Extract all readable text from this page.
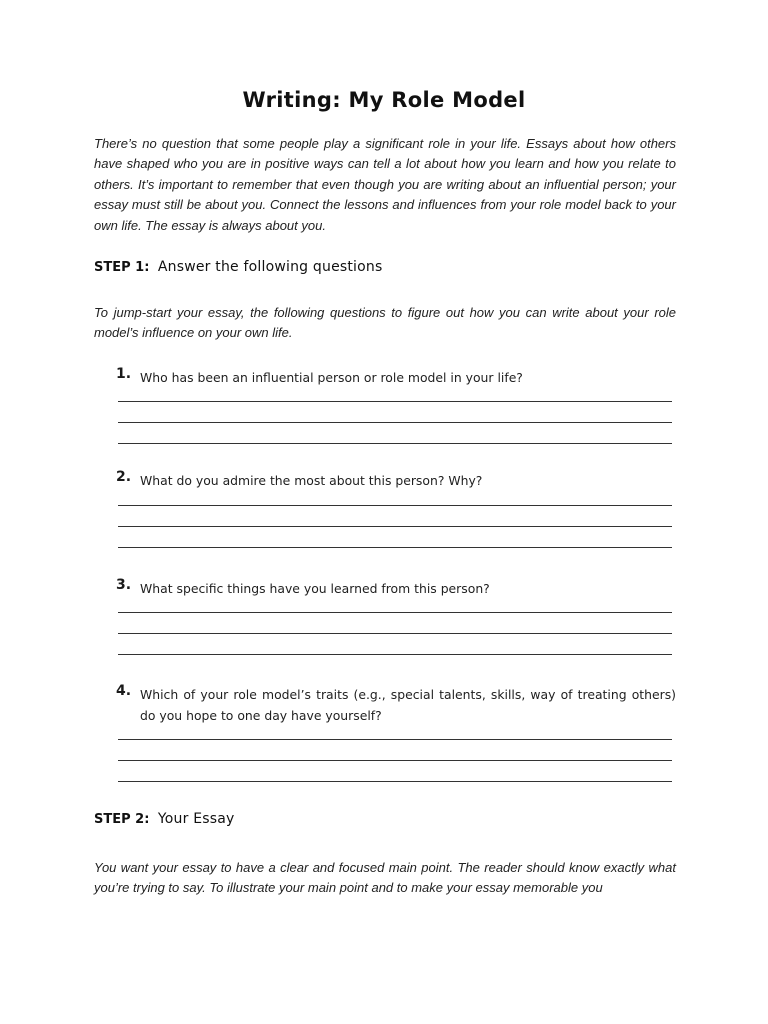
Writing: My Role Model

There’s no question that some people play a significant role in your life. Essays about how others have shaped who you are in positive ways can tell a lot about how you learn and how you relate to others. It’s important to remember that even though you are writing about an influential person; your essay must still be about you. Connect the lessons and influences from your role model back to your own life. The essay is always about you.

STEP 1: Answer the following questions

To jump-start your essay, the following questions to figure out how you can write about your role model’s influence on your own life.

1. Who has been an influential person or role model in your life?
2. What do you admire the most about this person? Why?
3. What specific things have you learned from this person?
4. Which of your role model’s traits (e.g., special talents, skills, way of treating others) do you hope to one day have yourself?
STEP 2: Your Essay

You want your essay to have a clear and focused main point. The reader should know exactly what you’re trying to say. To illustrate your main point and to make your essay memorable you
